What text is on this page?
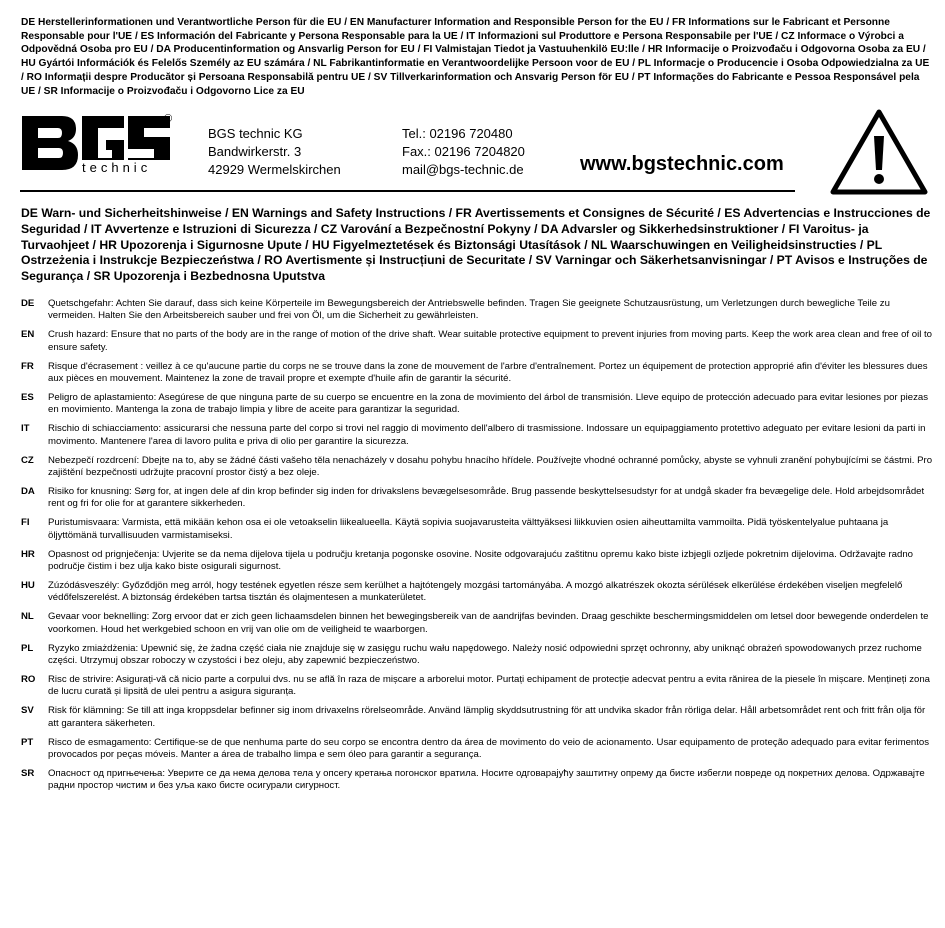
DE Herstellerinformationen und Verantwortliche Person für die EU / EN Manufacturer Information and Responsible Person for the EU / FR Informations sur le Fabricant et Personne Responsable pour l'UE / ES Información del Fabricante y Persona Responsable para la UE / IT Informazioni sul Produttore e Persona Responsabile per l'UE / CZ Informace o Výrobci a Odpovědná Osoba pro EU / DA Producentinformation og Ansvarlig Person for EU / FI Valmistajan Tiedot ja Vastuuhenkilö EU:lle / HR Informacije o Proizvođaču i Odgovorna Osoba za EU / HU Gyártói Információk és Felelős Személy az EU számára / NL Fabrikantinformatie en Verantwoordelijke Persoon voor de EU / PL Informacje o Producencie i Osoba Odpowiedzialna za UE / RO Informații despre Producător și Persoana Responsabilă pentru UE / SV Tillverkarinformation och Ansvarig Person för EU / PT Informações do Fabricante e Pessoa Responsável pela UE / SR Informacije o Proizvođaču i Odgovorno Lice za EU
®
technic
BGS technic KG
Bandwirkerstr. 3
42929 Wermelskirchen
Tel.: 02196 720480
Fax.: 02196 7204820
mail@bgs-technic.de	www.bgstechnic.com
DE Warn- und Sicherheitshinweise / EN Warnings and Safety Instructions / FR Avertissements et Consignes de Sécurité / ES Advertencias e Instrucciones de Seguridad / IT Avvertenze e Istruzioni di Sicurezza / CZ Varování a Bezpečnostní Pokyny / DA Advarsler og Sikkerhedsinstruktioner / FI Varoitus- ja Turvaohjeet / HR Upozorenja i Sigurnosne Upute / HU Figyelmeztetések és Biztonsági Utasítások / NL Waarschuwingen en Veiligheidsinstructies / PL Ostrzeżenia i Instrukcje Bezpieczeństwa / RO Avertismente și Instrucțiuni de Securitate / SV Varningar och Säkerhetsanvisningar / PT Avisos e Instruções de Segurança / SR Upozorenja i Bezbednosna Uputstva
DE	Quetschgefahr: Achten Sie darauf, dass sich keine Körperteile im Bewegungsbereich der Antriebswelle befinden. Tragen Sie geeignete Schutzausrüstung, um Verletzungen durch bewegliche Teile zu vermeiden. Halten Sie den Arbeitsbereich sauber und frei von Öl, um die Sicherheit zu gewährleisten.
EN	Crush hazard: Ensure that no parts of the body are in the range of motion of the drive shaft. Wear suitable protective equipment to prevent injuries from moving parts. Keep the work area clean and free of oil to ensure safety.
FR	Risque d'écrasement : veillez à ce qu'aucune partie du corps ne se trouve dans la zone de mouvement de l'arbre d'entraînement. Portez un équipement de protection approprié afin d'éviter les blessures dues aux pièces en mouvement. Maintenez la zone de travail propre et exempte d'huile afin de garantir la sécurité.
ES	Peligro de aplastamiento: Asegúrese de que ninguna parte de su cuerpo se encuentre en la zona de movimiento del árbol de transmisión. Lleve equipo de protección adecuado para evitar lesiones por piezas en movimiento. Mantenga la zona de trabajo limpia y libre de aceite para garantizar la seguridad.
IT	Rischio di schiacciamento: assicurarsi che nessuna parte del corpo si trovi nel raggio di movimento dell'albero di trasmissione. Indossare un equipaggiamento protettivo adeguato per evitare lesioni da parti in movimento. Mantenere l'area di lavoro pulita e priva di olio per garantire la sicurezza.
CZ	Nebezpečí rozdrcení: Dbejte na to, aby se žádné části vašeho těla nenacházely v dosahu pohybu hnacího hřídele. Používejte vhodné ochranné pomůcky, abyste se vyhnuli zranění pohybujícími se částmi. Pro zajištění bezpečnosti udržujte pracovní prostor čistý a bez oleje.
DA	Risiko for knusning: Sørg for, at ingen dele af din krop befinder sig inden for drivakslens bevægelsesområde. Brug passende beskyttelsesudstyr for at undgå skader fra bevægelige dele. Hold arbejdsområdet rent og fri for olie for at garantere sikkerheden.
FI	Puristumisvaara: Varmista, että mikään kehon osa ei ole vetoakselin liikealueella. Käytä sopivia suojavarusteita välttyäksesi liikkuvien osien aiheuttamilta vammoilta. Pidä työskentelyalue puhtaana ja öljyttömänä turvallisuuden varmistamiseksi.
HR	Opasnost od prignječenja: Uvjerite se da nema dijelova tijela u području kretanja pogonske osovine. Nosite odgovarajuću zaštitnu opremu kako biste izbjegli ozljede pokretnim dijelovima. Održavajte radno područje čistim i bez ulja kako biste osigurali sigurnost.
HU	Zúzódásveszély: Győződjön meg arról, hogy testének egyetlen része sem kerülhet a hajtótengely mozgási tartományába. A mozgó alkatrészek okozta sérülések elkerülése érdekében viseljen megfelelő védőfelszerelést. A biztonság érdekében tartsa tisztán és olajmentesen a munkaterületet.
NL	Gevaar voor beknelling: Zorg ervoor dat er zich geen lichaamsdelen binnen het bewegingsbereik van de aandrijfas bevinden. Draag geschikte beschermingsmiddelen om letsel door bewegende onderdelen te voorkomen. Houd het werkgebied schoon en vrij van olie om de veiligheid te waarborgen.
PL	Ryzyko zmiażdżenia: Upewnić się, że żadna część ciała nie znajduje się w zasięgu ruchu wału napędowego. Należy nosić odpowiedni sprzęt ochronny, aby uniknąć obrażeń spowodowanych przez ruchome części. Utrzymuj obszar roboczy w czystości i bez oleju, aby zapewnić bezpieczeństwo.
RO	Risc de strivire: Asigurați-vă că nicio parte a corpului dvs. nu se află în raza de mișcare a arborelui motor. Purtați echipament de protecție adecvat pentru a evita rănirea de la piesele în mișcare. Mențineți zona de lucru curată și lipsită de ulei pentru a asigura siguranța.
SV	Risk för klämning: Se till att inga kroppsdelar befinner sig inom drivaxelns rörelseområde. Använd lämplig skyddsutrustning för att undvika skador från rörliga delar. Håll arbetsområdet rent och fritt från olja för att garantera säkerheten.
PT	Risco de esmagamento: Certifique-se de que nenhuma parte do seu corpo se encontra dentro da área de movimento do veio de acionamento. Usar equipamento de proteção adequado para evitar ferimentos provocados por peças móveis. Manter a área de trabalho limpa e sem óleo para garantir a segurança.
SR	Опасност од пригњечења: Уверите се да нема делова тела у опсегу кретања погонског вратила. Носите одговарајућу заштитну опрему да бисте избегли повреде од покретних делова. Одржавајте радни простор чистим и без уља како бисте осигурали сигурност.
